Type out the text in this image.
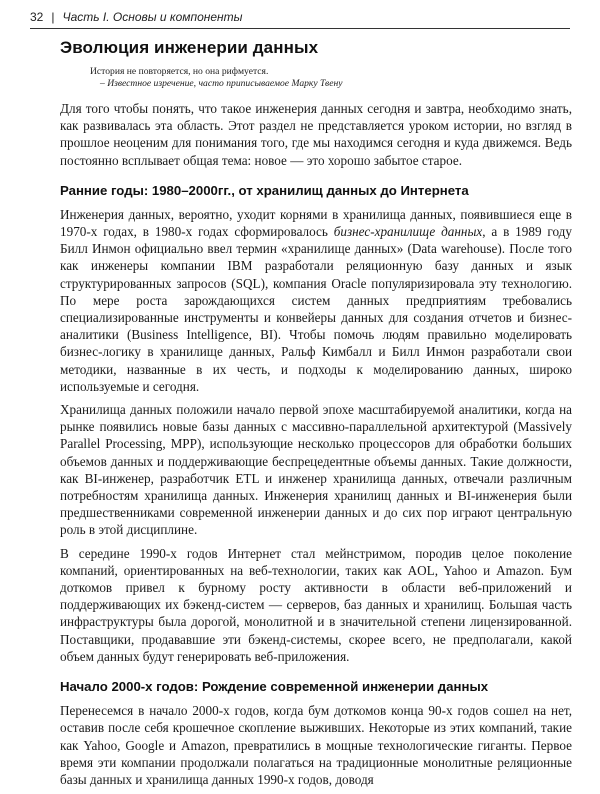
32 | Часть I. Основы и компоненты
Эволюция инженерии данных
История не повторяется, но она рифмуется.
– Известное изречение, часто приписываемое Марку Твену

Для того чтобы понять, что такое инженерия данных сегодня и завтра, необходимо знать, как развивалась эта область. Этот раздел не представляется уроком истории, но взгляд в прошлое неоценим для понимания того, где мы находимся сегодня и куда движемся. Ведь постоянно всплывает общая тема: новое — это хорошо забытое старое.

Ранние годы: 1980–2000гг., от хранилищ данных до Интернета

Инженерия данных, вероятно, уходит корнями в хранилища данных, появившиеся еще в 1970-х годах, в 1980-х годах сформировалось бизнес-хранилище данных, а в 1989 году Билл Инмон официально ввел термин «хранилище данных» (Data warehouse). После того как инженеры компании IBM разработали реляционную базу данных и язык структурированных запросов (SQL), компания Oracle популяризировала эту технологию. По мере роста зарождающихся систем данных предприятиям требовались специализированные инструменты и конвейеры данных для создания отчетов и бизнес-аналитики (Business Intelligence, BI). Чтобы помочь людям правильно моделировать бизнес-логику в хранилище данных, Ральф Кимбалл и Билл Инмон разработали свои методики, названные в их честь, и подходы к моделированию данных, широко используемые и сегодня.

Хранилища данных положили начало первой эпохе масштабируемой аналитики, когда на рынке появились новые базы данных с массивно-параллельной архитектурой (Massively Parallel Processing, MPP), использующие несколько процессоров для обработки больших объемов данных и поддерживающие беспрецедентные объемы данных. Такие должности, как BI-инженер, разработчик ETL и инженер хранилища данных, отвечали различным потребностям хранилища данных. Инженерия хранилищ данных и BI-инженерия были предшественниками современной инженерии данных и до сих пор играют центральную роль в этой дисциплине.

В середине 1990-х годов Интернет стал мейнстримом, породив целое поколение компаний, ориентированных на веб-технологии, таких как AOL, Yahoo и Amazon. Бум доткомов привел к бурному росту активности в области веб-приложений и поддерживающих их бэкенд-систем — серверов, баз данных и хранилищ. Большая часть инфраструктуры была дорогой, монолитной и в значительной степени лицензированной. Поставщики, продававшие эти бэкенд-системы, скорее всего, не предполагали, какой объем данных будут генерировать веб-приложения.

Начало 2000-х годов: Рождение современной инженерии данных

Перенесемся в начало 2000-х годов, когда бум доткомов конца 90-х годов сошел на нет, оставив после себя крошечное скопление выживших. Некоторые из этих компаний, такие как Yahoo, Google и Amazon, превратились в мощные технологические гиганты. Первое время эти компании продолжали полагаться на традиционные монолитные реляционные базы данных и хранилища данных 1990-х годов, доводя
